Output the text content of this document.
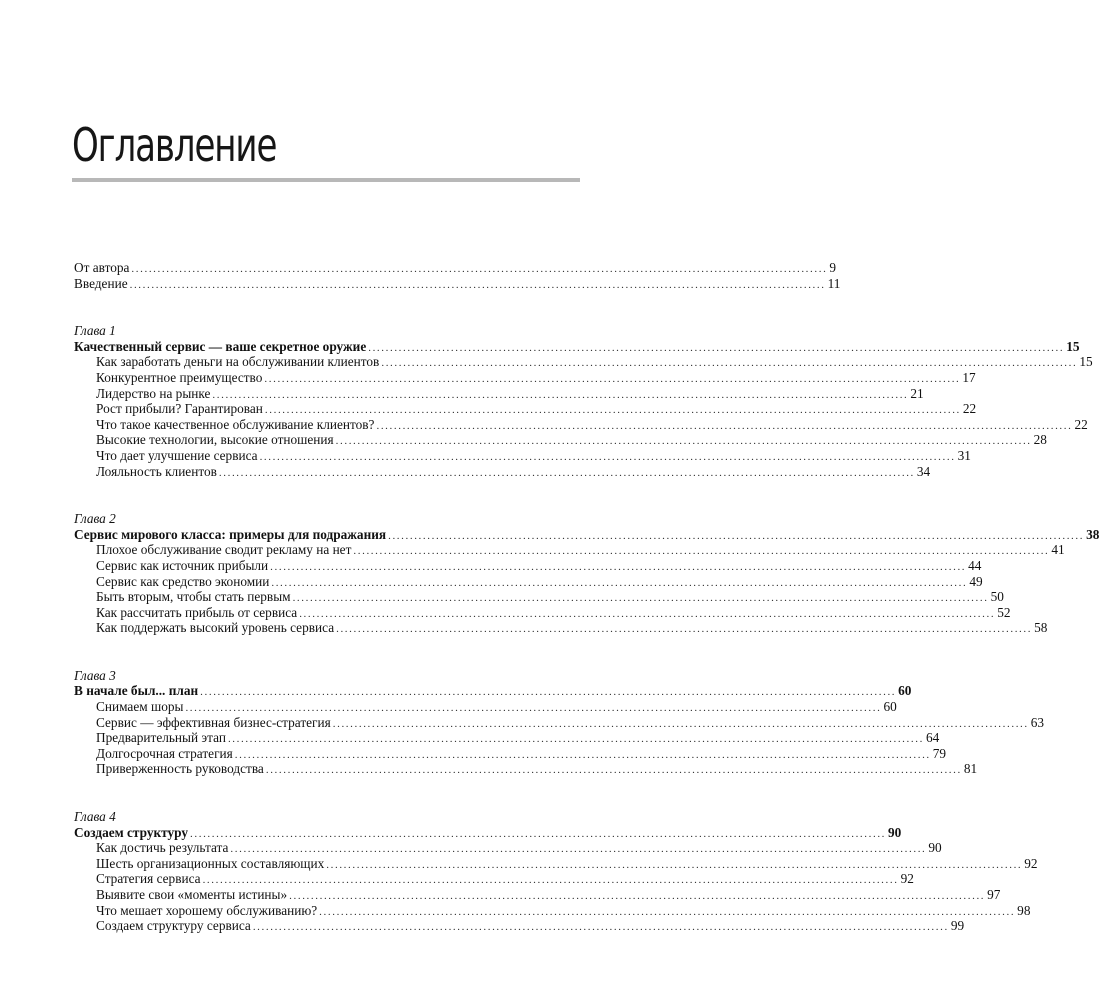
Оглавление
От автора ................................................................................................................................................................ 9
Введение ................................................................................................................................................................ 11
Глава 1
Качественный сервис — ваше секретное оружие ................................................................................................................................................................ 15
Как заработать деньги на обслуживании клиентов ................................................................................................................................................................ 15
Конкурентное преимущество ................................................................................................................................................................ 17
Лидерство на рынке ................................................................................................................................................................ 21
Рост прибыли? Гарантирован ................................................................................................................................................................ 22
Что такое качественное обслуживание клиентов? ................................................................................................................................................................ 22
Высокие технологии, высокие отношения ................................................................................................................................................................ 28
Что дает улучшение сервиса ................................................................................................................................................................ 31
Лояльность клиентов ................................................................................................................................................................ 34
Глава 2
Сервис мирового класса: примеры для подражания ................................................................................................................................................................ 38
Плохое обслуживание сводит рекламу на нет ................................................................................................................................................................ 41
Сервис как источник прибыли ................................................................................................................................................................ 44
Сервис как средство экономии ................................................................................................................................................................ 49
Быть вторым, чтобы стать первым ................................................................................................................................................................ 50
Как рассчитать прибыль от сервиса ................................................................................................................................................................ 52
Как поддержать высокий уровень сервиса ................................................................................................................................................................ 58
Глава 3
В начале был... план ................................................................................................................................................................ 60
Снимаем шоры ................................................................................................................................................................ 60
Сервис — эффективная бизнес-стратегия ................................................................................................................................................................ 63
Предварительный этап ................................................................................................................................................................ 64
Долгосрочная стратегия ................................................................................................................................................................ 79
Приверженность руководства ................................................................................................................................................................ 81
Глава 4
Создаем структуру ................................................................................................................................................................ 90
Как достичь результата ................................................................................................................................................................ 90
Шесть организационных составляющих ................................................................................................................................................................ 92
Стратегия сервиса ................................................................................................................................................................ 92
Выявите свои «моменты истины» ................................................................................................................................................................ 97
Что мешает хорошему обслуживанию? ................................................................................................................................................................ 98
Создаем структуру сервиса ................................................................................................................................................................ 99
